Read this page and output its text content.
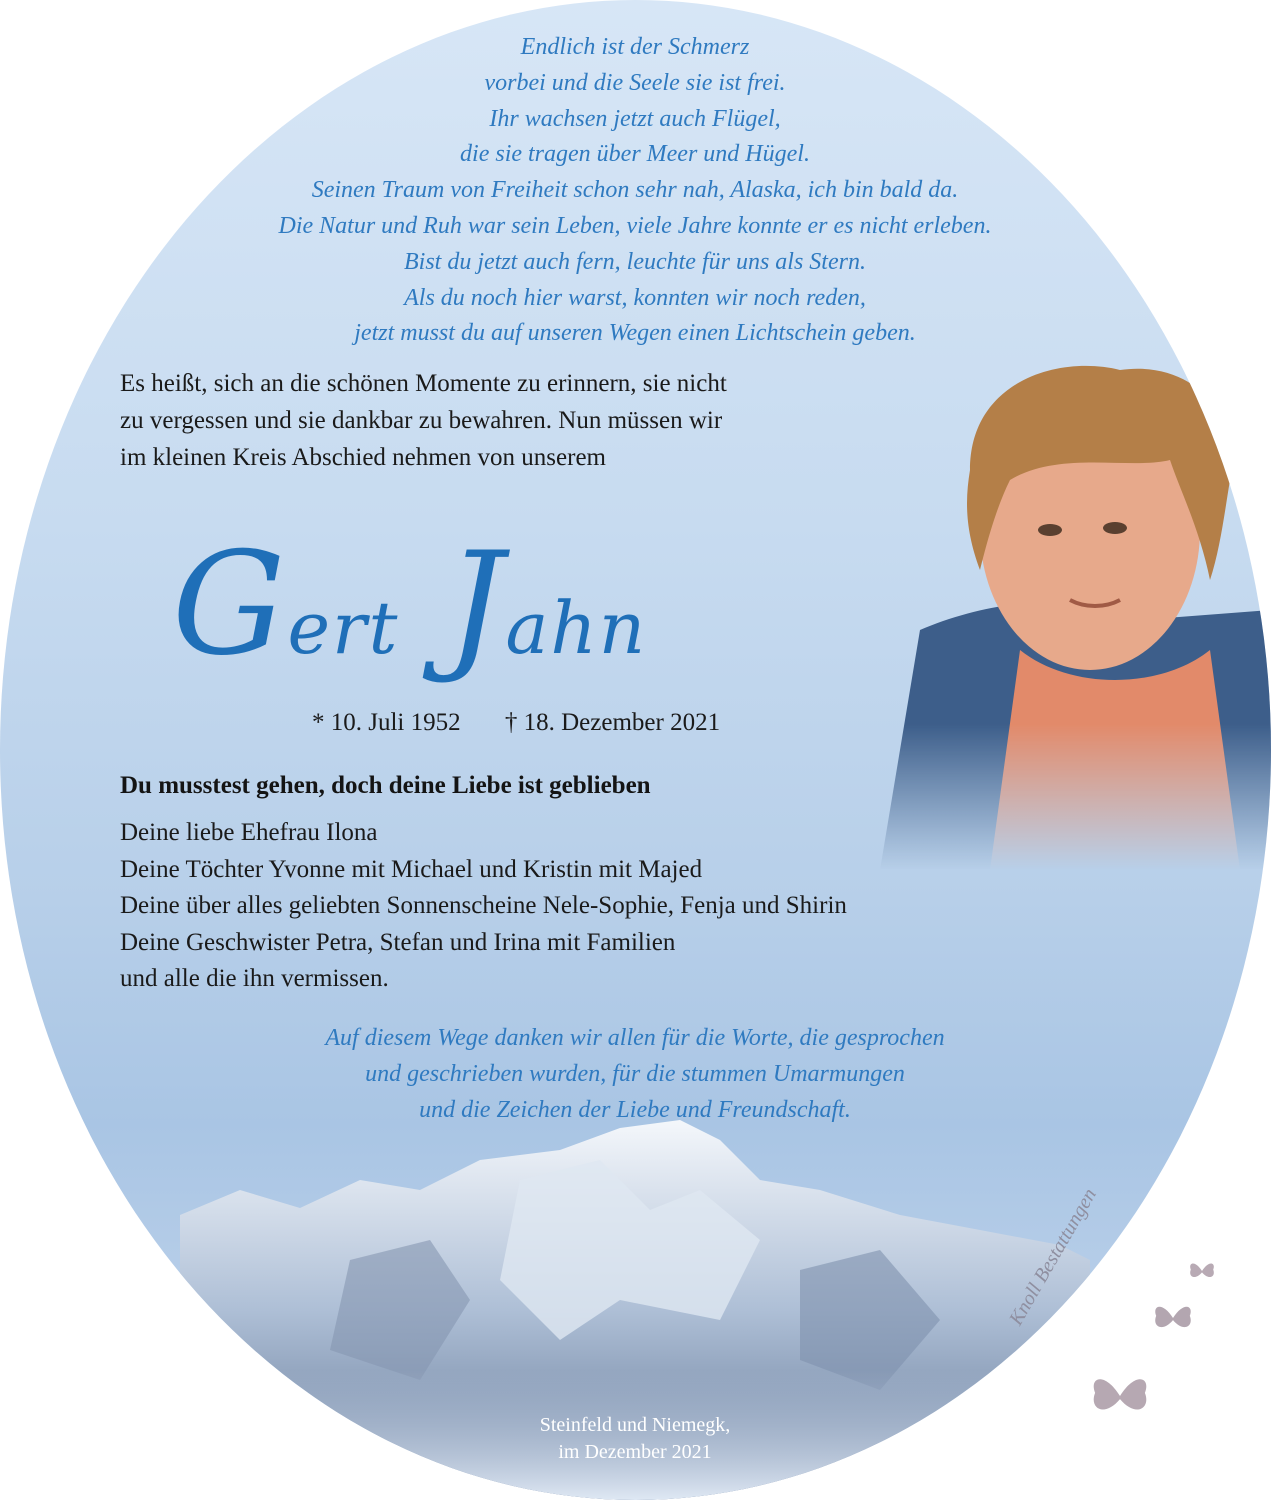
Endlich ist der Schmerz
vorbei und die Seele sie ist frei.
Ihr wachsen jetzt auch Flügel,
die sie tragen über Meer und Hügel.
Seinen Traum von Freiheit schon sehr nah, Alaska, ich bin bald da.
Die Natur und Ruh war sein Leben, viele Jahre konnte er es nicht erleben.
Bist du jetzt auch fern, leuchte für uns als Stern.
Als du noch hier warst, konnten wir noch reden,
jetzt musst du auf unseren Wegen einen Lichtschein geben.
Es heißt, sich an die schönen Momente zu erinnern, sie nicht
zu vergessen und sie dankbar zu bewahren. Nun müssen wir
im kleinen Kreis Abschied nehmen von unserem
Gert Jahn
* 10. Juli 1952 † 18. Dezember 2021
Du musstest gehen, doch deine Liebe ist geblieben
Deine liebe Ehefrau Ilona
Deine Töchter Yvonne mit Michael und Kristin mit Majed
Deine über alles geliebten Sonnenscheine Nele-Sophie, Fenja und Shirin
Deine Geschwister Petra, Stefan und Irina mit Familien
und alle die ihn vermissen.
Auf diesem Wege danken wir allen für die Worte, die gesprochen
und geschrieben wurden, für die stummen Umarmungen
und die Zeichen der Liebe und Freundschaft.
Steinfeld und Niemegk,
im Dezember 2021
Knoll Bestattungen
